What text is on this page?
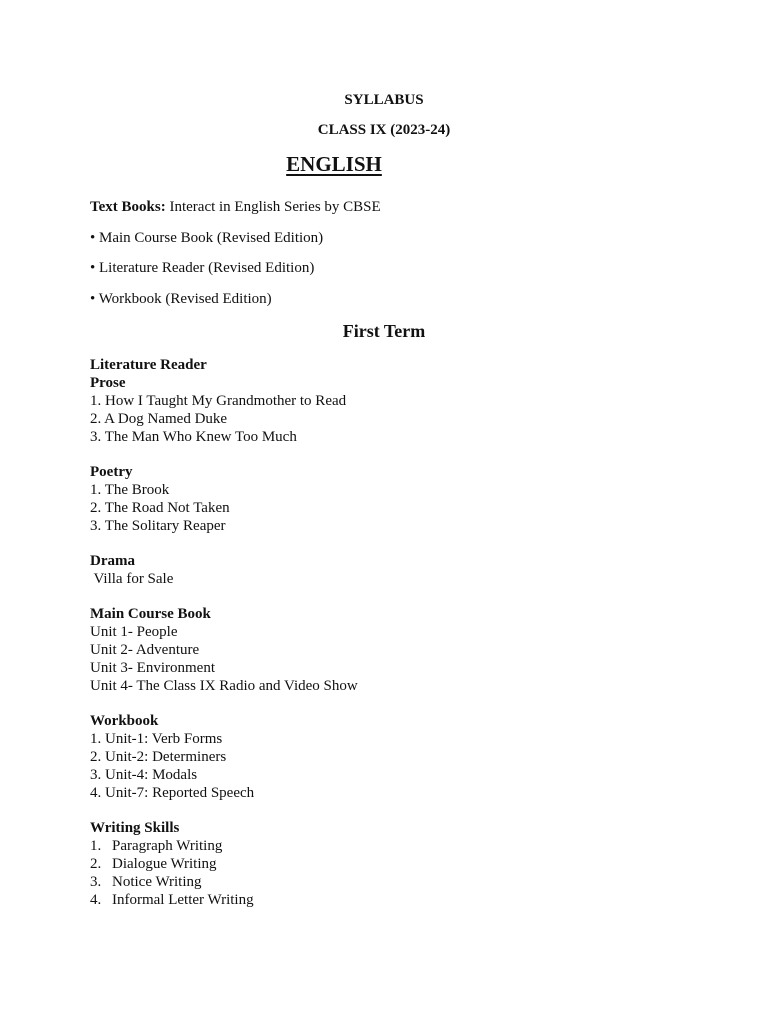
SYLLABUS
CLASS IX (2023-24)
ENGLISH
Text Books: Interact in English Series by CBSE
• Main Course Book (Revised Edition)
• Literature Reader (Revised Edition)
• Workbook (Revised Edition)
First Term
Literature Reader
Prose
1. How I Taught My Grandmother to Read
2. A Dog Named Duke
3. The Man Who Knew Too Much
Poetry
1. The Brook
2. The Road Not Taken
3. The Solitary Reaper
Drama
Villa for Sale
Main Course Book
Unit 1- People
Unit 2- Adventure
Unit 3- Environment
Unit 4- The Class IX Radio and Video Show
Workbook
1. Unit-1: Verb Forms
2. Unit-2: Determiners
3. Unit-4: Modals
4. Unit-7: Reported Speech
Writing Skills
1. Paragraph Writing
2. Dialogue Writing
3. Notice Writing
4. Informal Letter Writing
